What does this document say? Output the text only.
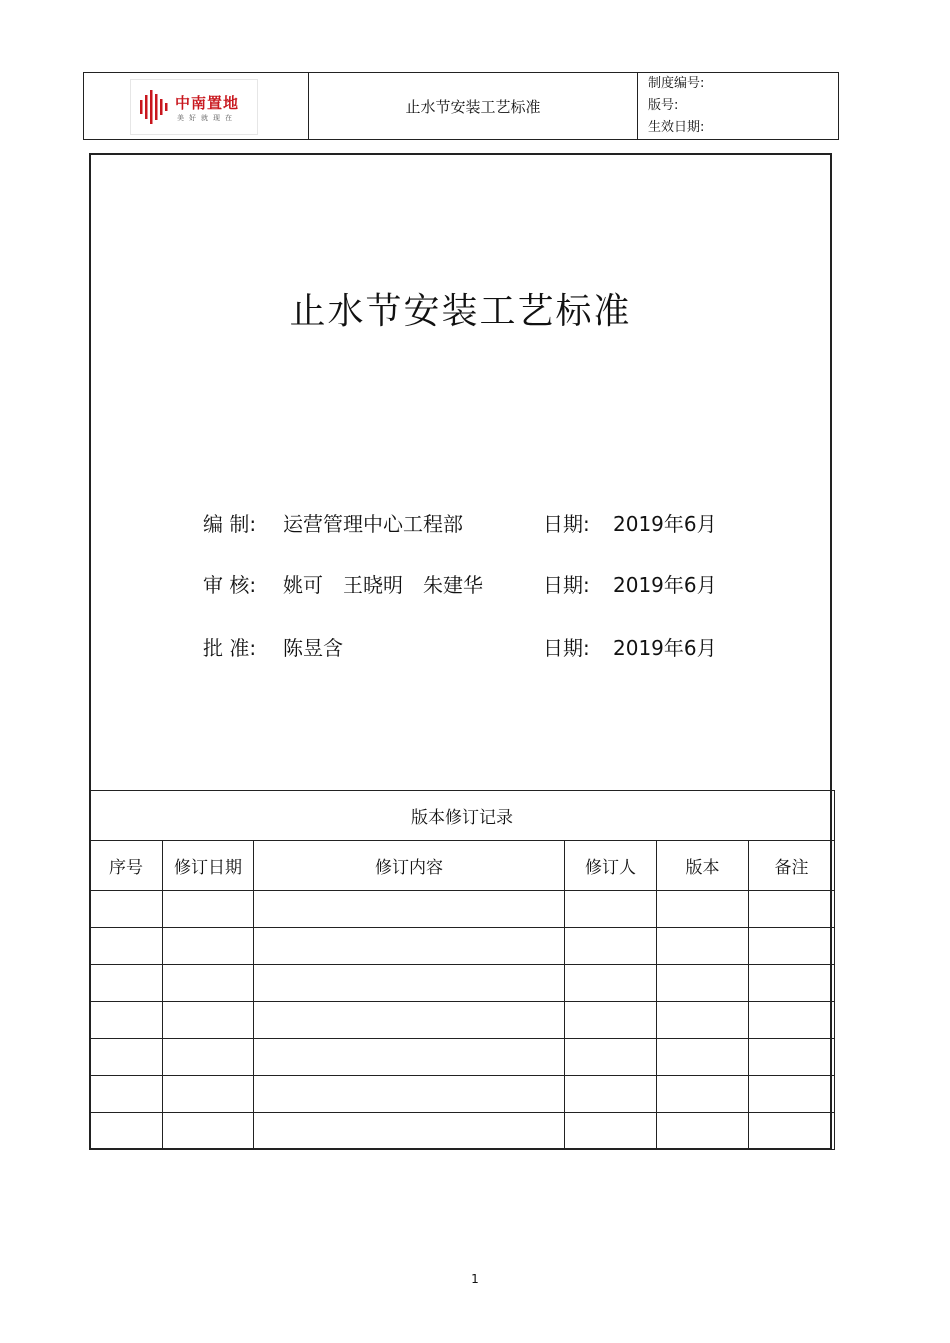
中南置地
美好就现在
	止水节安装工艺标准	
制度编号:
版号:
生效日期:
止水节安装工艺标准
编 制: 运营管理中心工程部	日期: 2019年6月
审 核: 姚可　王晓明　朱建华	日期: 2019年6月
批 准: 陈昱含	日期: 2019年6月
版本修订记录					
序号	修订日期	修订内容	修订人	版本	备注

1
